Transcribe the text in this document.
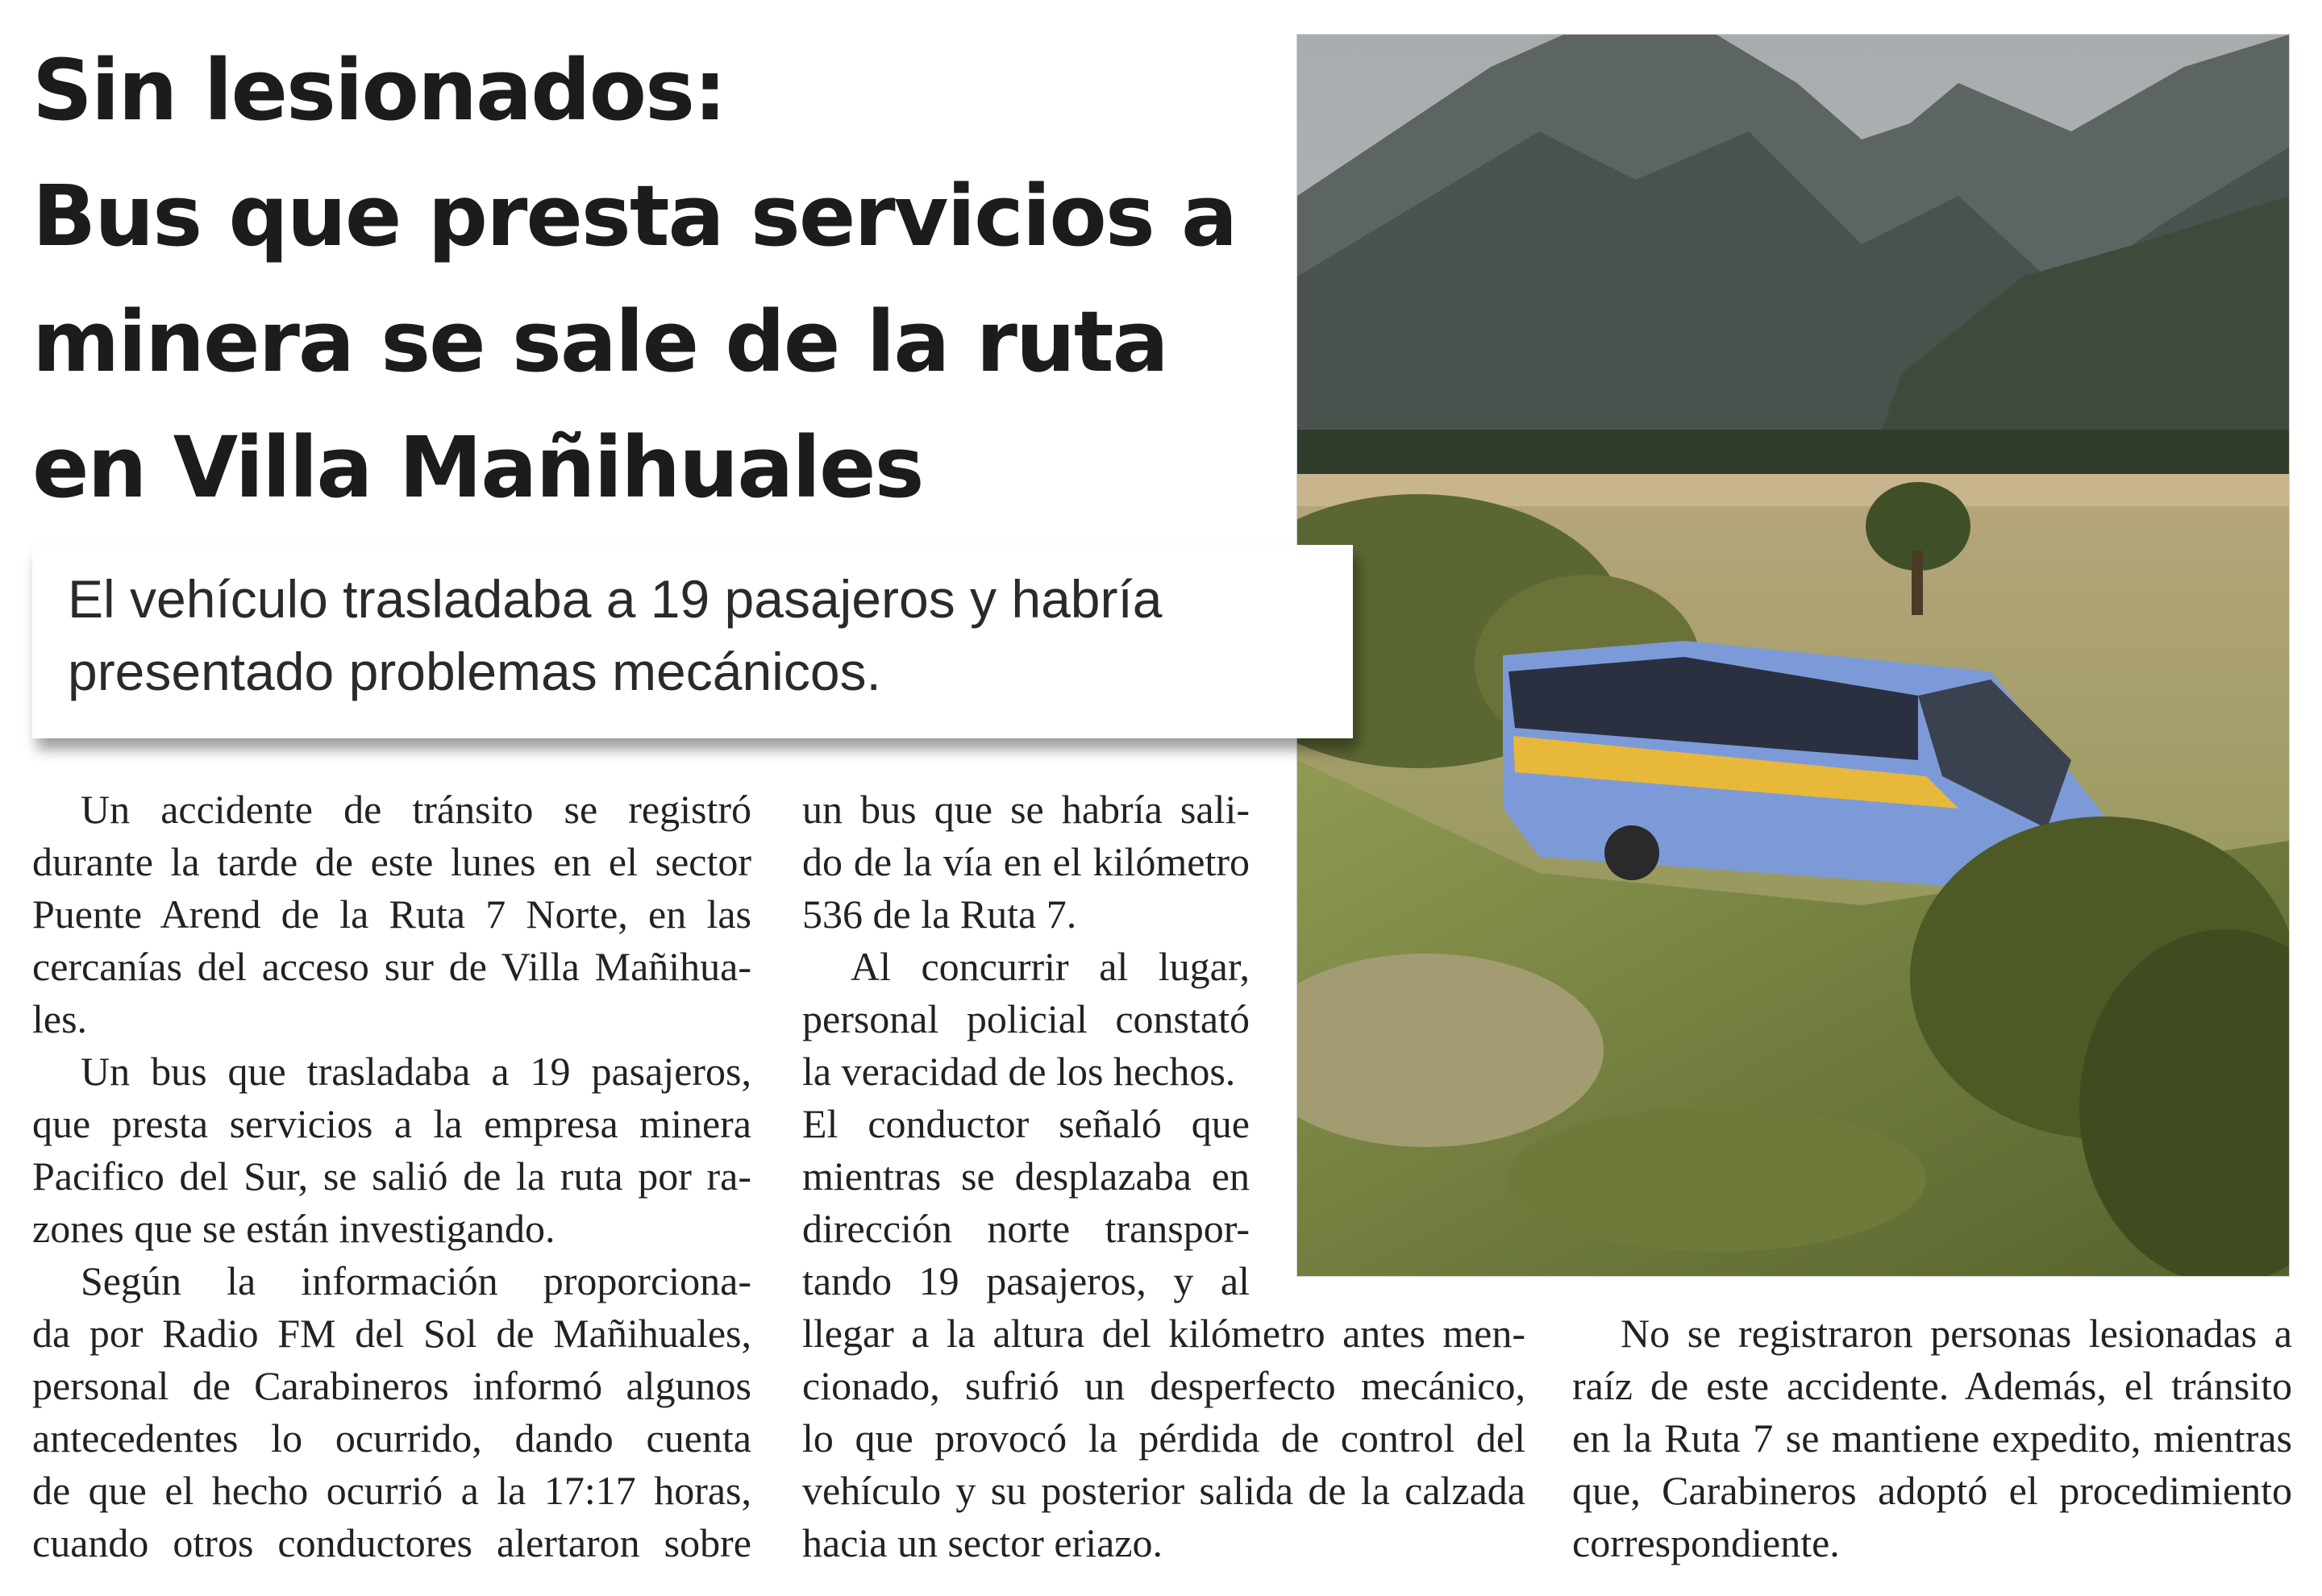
Sin lesionados:
Bus que presta servicios a
minera se sale de la ruta
en Villa Mañihuales
El vehículo trasladaba a 19 pasajeros y habría
presentado problemas mecánicos.
Un accidente de tránsito se registró
durante la tarde de este lunes en el sector
Puente Arend de la Ruta 7 Norte, en las
cercanías del acceso sur de Villa Mañihua-
les.
Un bus que trasladaba a 19 pasajeros,
que presta servicios a la empresa minera
Pacifico del Sur, se salió de la ruta por ra-
zones que se están investigando.
Según la información proporciona-
da por Radio FM del Sol de Mañihuales,
personal de Carabineros informó algunos
antecedentes lo ocurrido, dando cuenta
de que el hecho ocurrió a la 17:17 horas,
cuando otros conductores alertaron sobre
un bus que se habría sali-
do de la vía en el kilómetro
536 de la Ruta 7.
Al concurrir al lugar,
personal policial constató
la veracidad de los hechos.
El conductor señaló que
mientras se desplazaba en
dirección norte transpor-
tando 19 pasajeros, y al
llegar a la altura del kilómetro antes men-
cionado, sufrió un desperfecto mecánico,
lo que provocó la pérdida de control del
vehículo y su posterior salida de la calzada
hacia un sector eriazo.
No se registraron personas lesionadas a
raíz de este accidente. Además, el tránsito
en la Ruta 7 se mantiene expedito, mientras
que, Carabineros adoptó el procedimiento
correspondiente.
